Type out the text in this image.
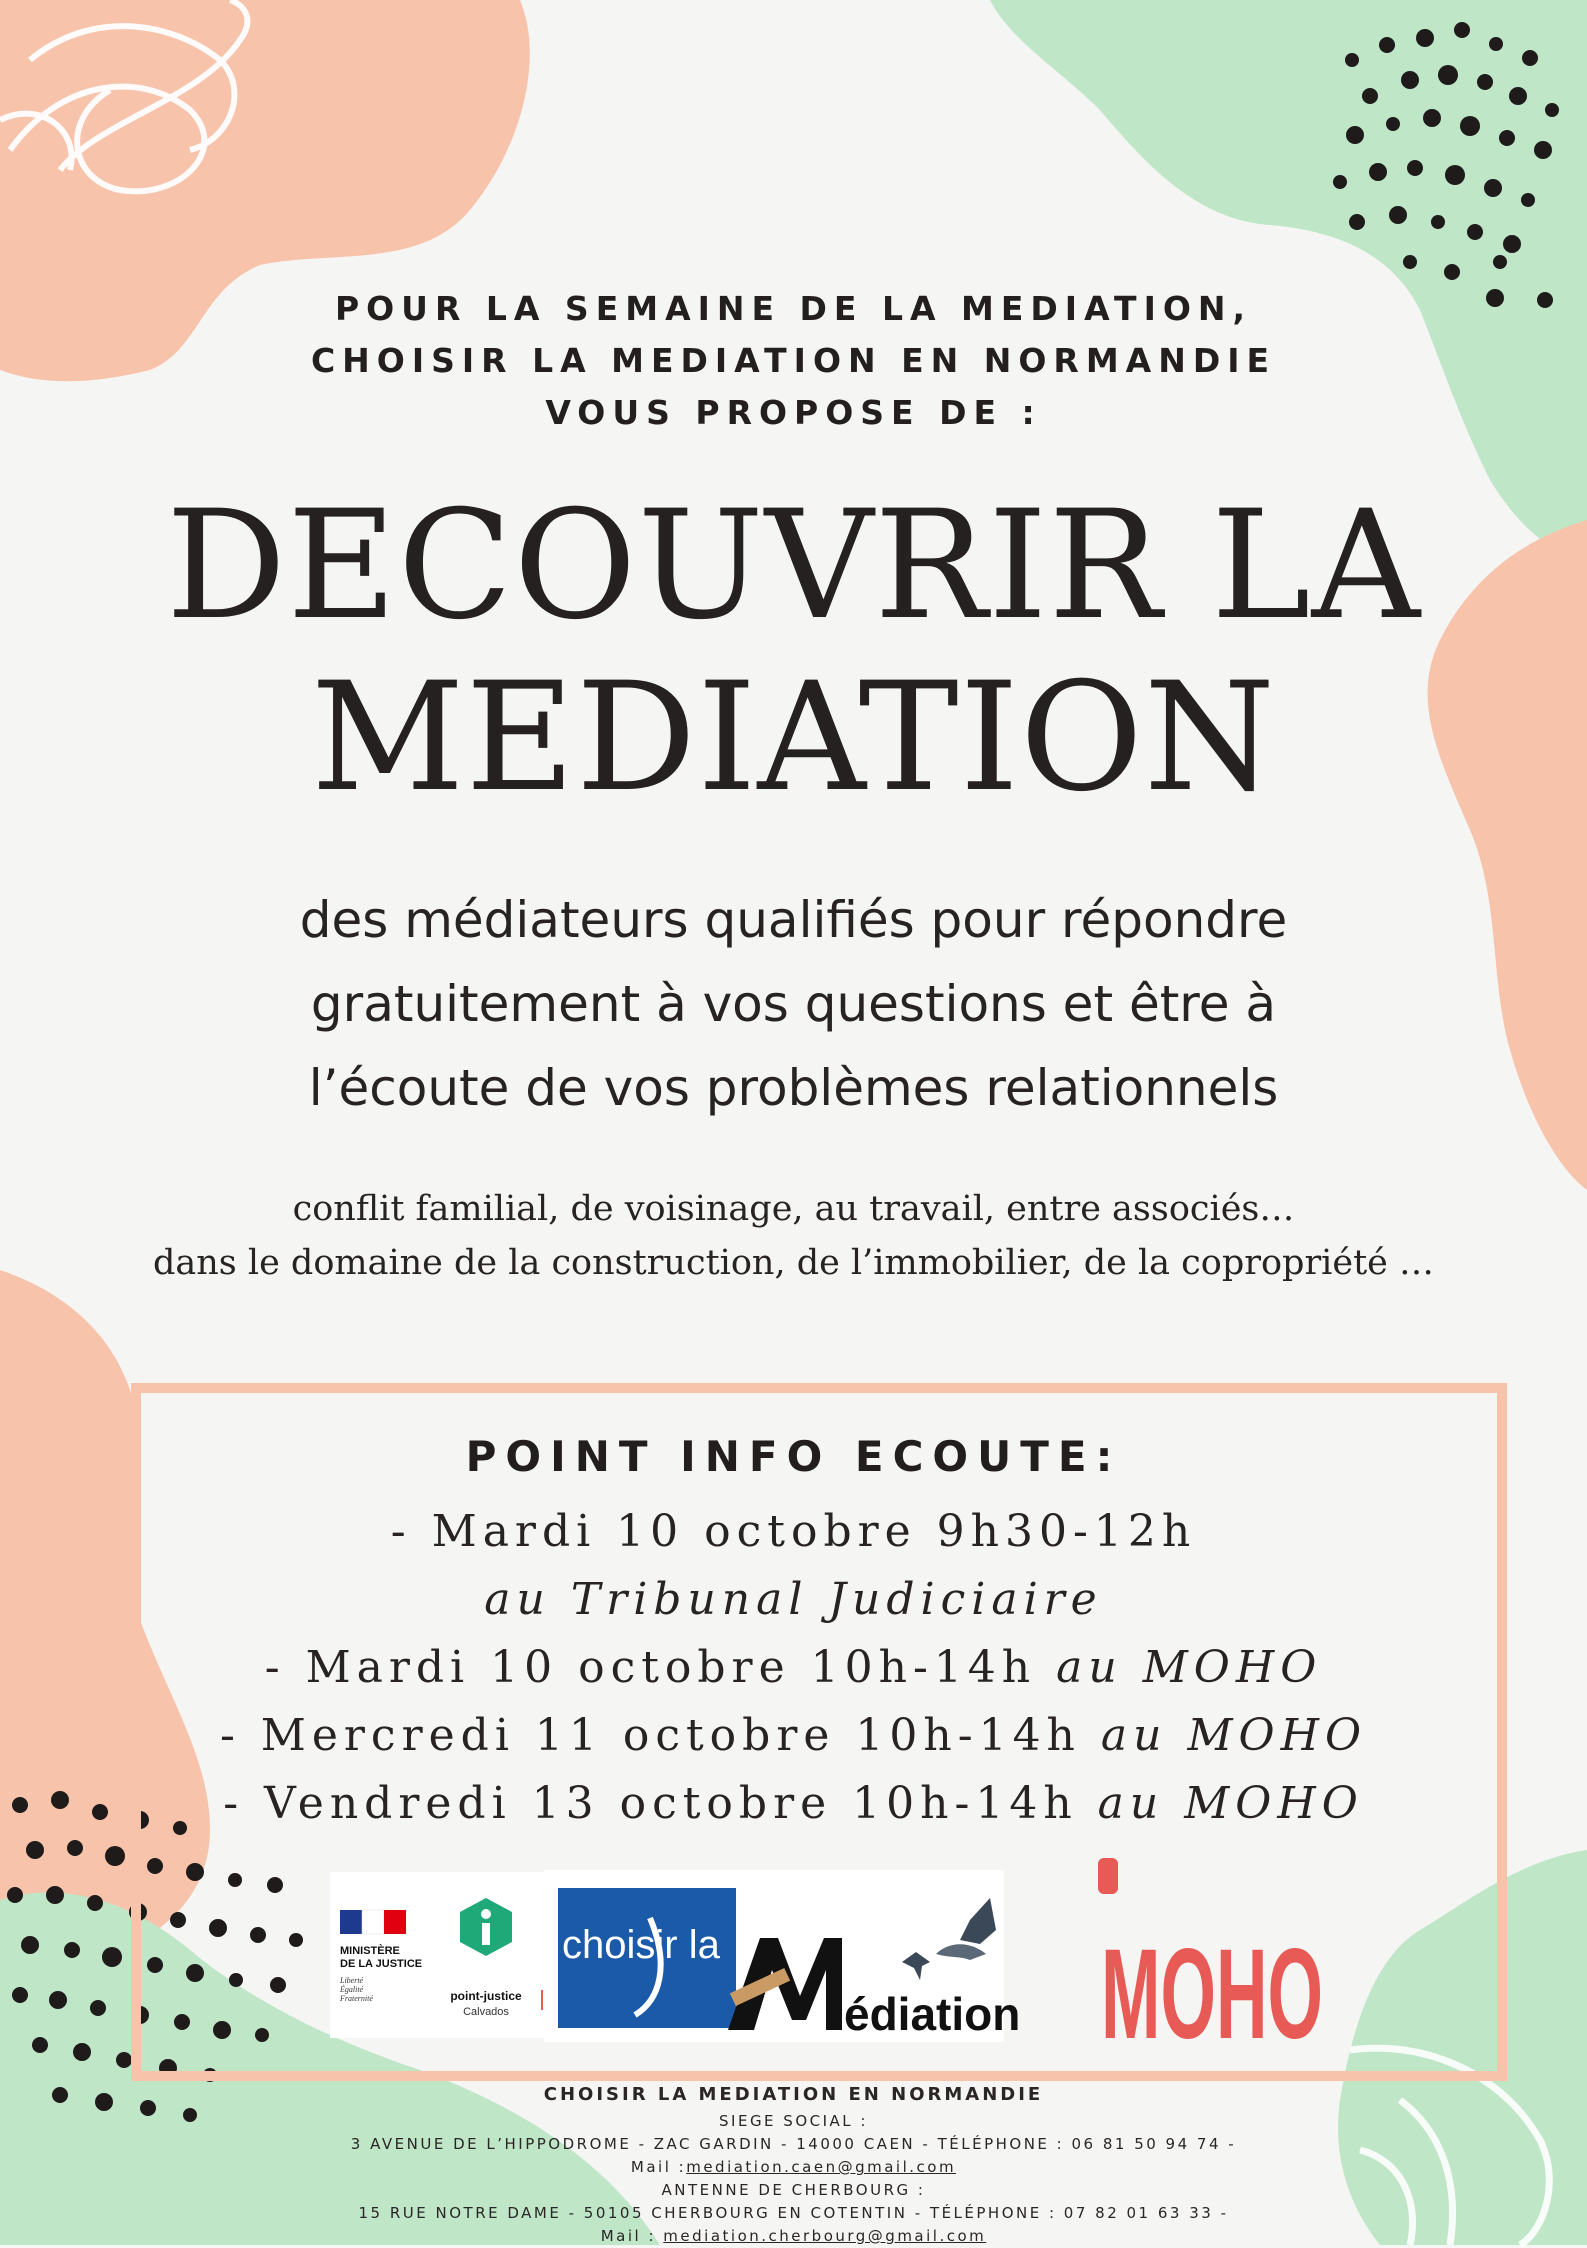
POUR LA SEMAINE DE LA MEDIATION,
CHOISIR LA MEDIATION EN NORMANDIE
VOUS PROPOSE DE :
DECOUVRIR LA
MEDIATION
des médiateurs qualifiés pour répondre
gratuitement à vos questions et être à
l’écoute de vos problèmes relationnels
conflit familial, de voisinage, au travail, entre associés…
dans le domaine de la construction, de l’immobilier, de la copropriété …
POINT INFO ECOUTE:
- Mardi 10 octobre 9h30-12h
au Tribunal Judiciaire
- Mardi 10 octobre 10h-14h au MOHO
- Mercredi 11 octobre 10h-14h au MOHO
- Vendredi 13 octobre 10h-14h au MOHO
MINISTÈRE
DE LA JUSTICE
Liberté
Égalité
Fraternité	point-justice
Calvados
choisir la
édiation MOHO
CHOISIR LA MEDIATION EN NORMANDIE
SIEGE SOCIAL :
3 AVENUE DE L’HIPPODROME - ZAC GARDIN - 14000 CAEN - TÉLÉPHONE : 06 81 50 94 74 -
Mail :mediation.caen@gmail.com
ANTENNE DE CHERBOURG :
15 RUE NOTRE DAME - 50105 CHERBOURG EN COTENTIN - TÉLÉPHONE : 07 82 01 63 33 -
Mail : mediation.cherbourg@gmail.com
